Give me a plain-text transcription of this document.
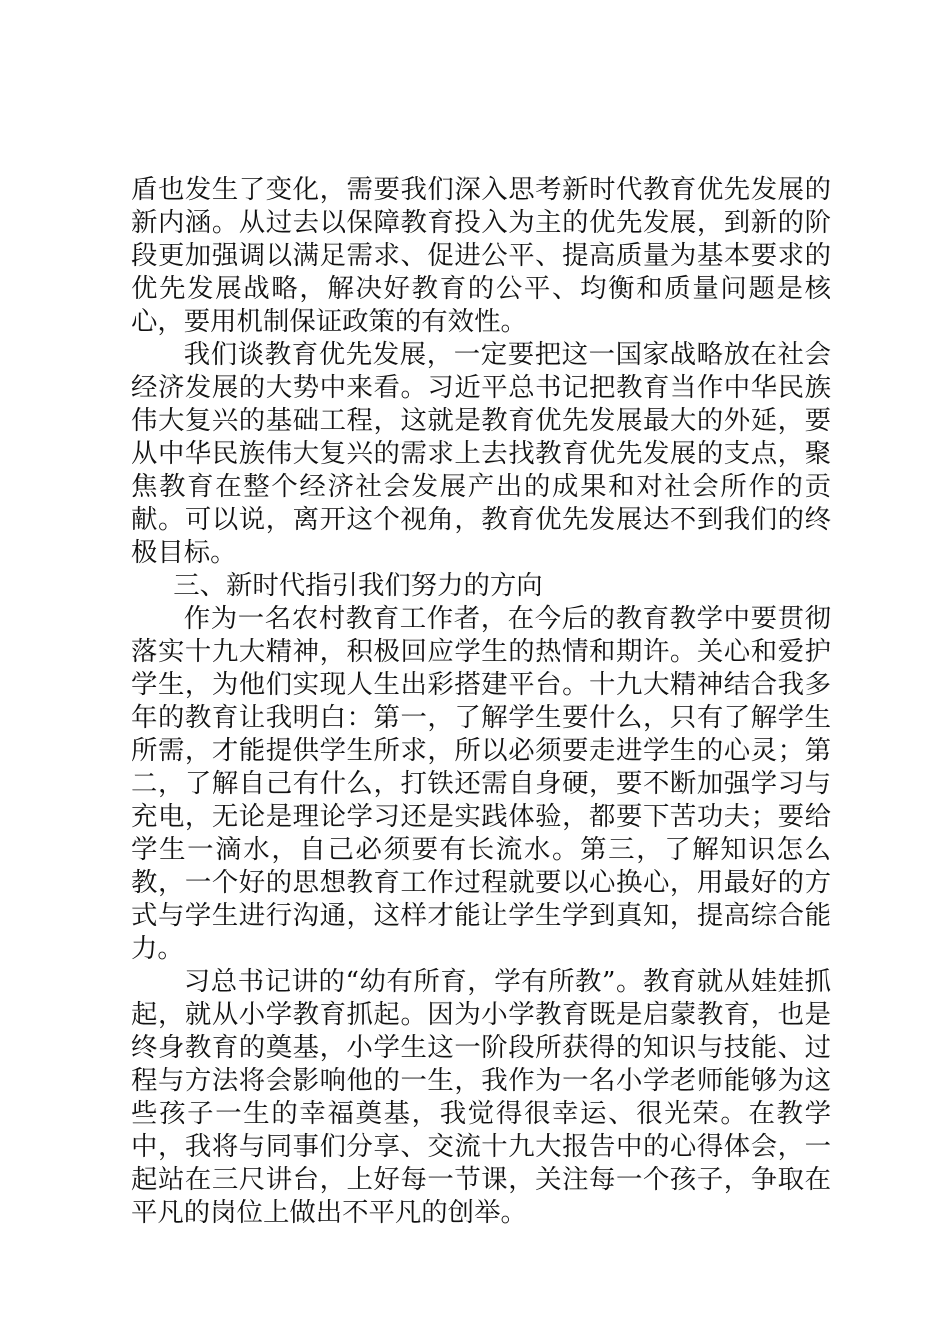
盾也发生了变化，需要我们深入思考新时代教育优先发展的新内涵。从过去以保障教育投入为主的优先发展，到新的阶段更加强调以满足需求、促进公平、提高质量为基本要求的优先发展战略，解决好教育的公平、均衡和质量问题是核心，要用机制保证政策的有效性。

我们谈教育优先发展，一定要把这一国家战略放在社会经济发展的大势中来看。习近平总书记把教育当作中华民族伟大复兴的基础工程，这就是教育优先发展最大的外延，要从中华民族伟大复兴的需求上去找教育优先发展的支点，聚焦教育在整个经济社会发展产出的成果和对社会所作的贡献。可以说，离开这个视角，教育优先发展达不到我们的终极目标。

三、新时代指引我们努力的方向

作为一名农村教育工作者，在今后的教育教学中要贯彻落实十九大精神，积极回应学生的热情和期许。关心和爱护学生，为他们实现人生出彩搭建平台。十九大精神结合我多年的教育让我明白：第一，了解学生要什么，只有了解学生所需，才能提供学生所求，所以必须要走进学生的心灵；第二，了解自己有什么，打铁还需自身硬，要不断加强学习与充电，无论是理论学习还是实践体验，都要下苦功夫；要给学生一滴水，自己必须要有长流水。第三，了解知识怎么教，一个好的思想教育工作过程就要以心换心，用最好的方式与学生进行沟通，这样才能让学生学到真知，提高综合能力。

习总书记讲的“幼有所育，学有所教”。教育就从娃娃抓起，就从小学教育抓起。因为小学教育既是启蒙教育，也是终身教育的奠基，小学生这一阶段所获得的知识与技能、过程与方法将会影响他的一生，我作为一名小学老师能够为这些孩子一生的幸福奠基，我觉得很幸运、很光荣。在教学中，我将与同事们分享、交流十九大报告中的心得体会，一起站在三尺讲台，上好每一节课，关注每一个孩子，争取在平凡的岗位上做出不平凡的创举。
